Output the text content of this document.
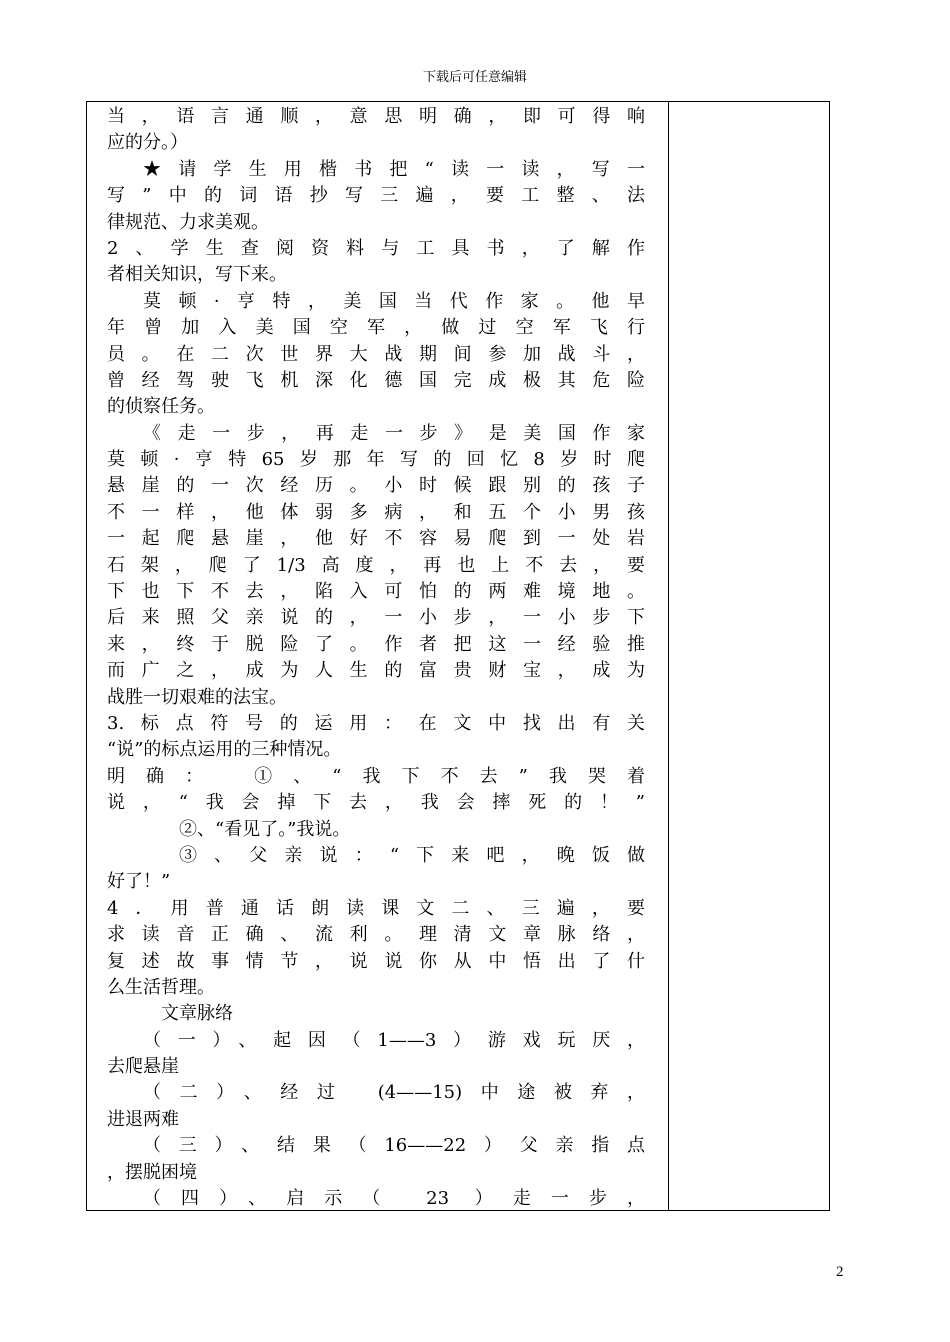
下载后可任意编辑
当，语言通顺，意思明确，即可得响
应的分。）
★请学生用楷书把“读一读，写一
写”中的词语抄写三遍，要工整、法
律规范、力求美观。
2、学生查阅资料与工具书，了解作
者相关知识，写下来。
莫顿·亨特，美国当代作家。他早
年曾加入美国空军，做过空军飞行
员。在二次世界大战期间参加战斗，
曾经驾驶飞机深化德国完成极其危险
的侦察任务。
《走一步，再走一步》是美国作家
莫顿·亨特65岁那年写的回忆8岁时爬
悬崖的一次经历。小时候跟别的孩子
不一样，他体弱多病，和五个小男孩
一起爬悬崖，他好不容易爬到一处岩
石架，爬了1/3高度，再也上不去，要
下也下不去，陷入可怕的两难境地。
后来照父亲说的，一小步，一小步下
来，终于脱险了。作者把这一经验推
而广之，成为人生的富贵财宝，成为
战胜一切艰难的法宝。
3.标点符号的运用：在文中找出有关
“说”的标点运用的三种情况。
明确：　①、“我下不去”我哭着
说，“我会掉下去，我会摔死的！”
②、“看见了。”我说。
③、父亲说：“下来吧，晚饭做
好了！”
4．用普通话朗读课文二、三遍，要
求读音正确、流利。理清文章脉络，
复述故事情节，说说你从中悟出了什
么生活哲理。
文章脉络
（一）、起因（1——3）游戏玩厌，
去爬悬崖
（二）、经过 (4——15)中途被弃，
进退两难
（三）、结果（16——22）父亲指点
，摆脱困境
（四）、启示（ 23 ）走一步，
2
